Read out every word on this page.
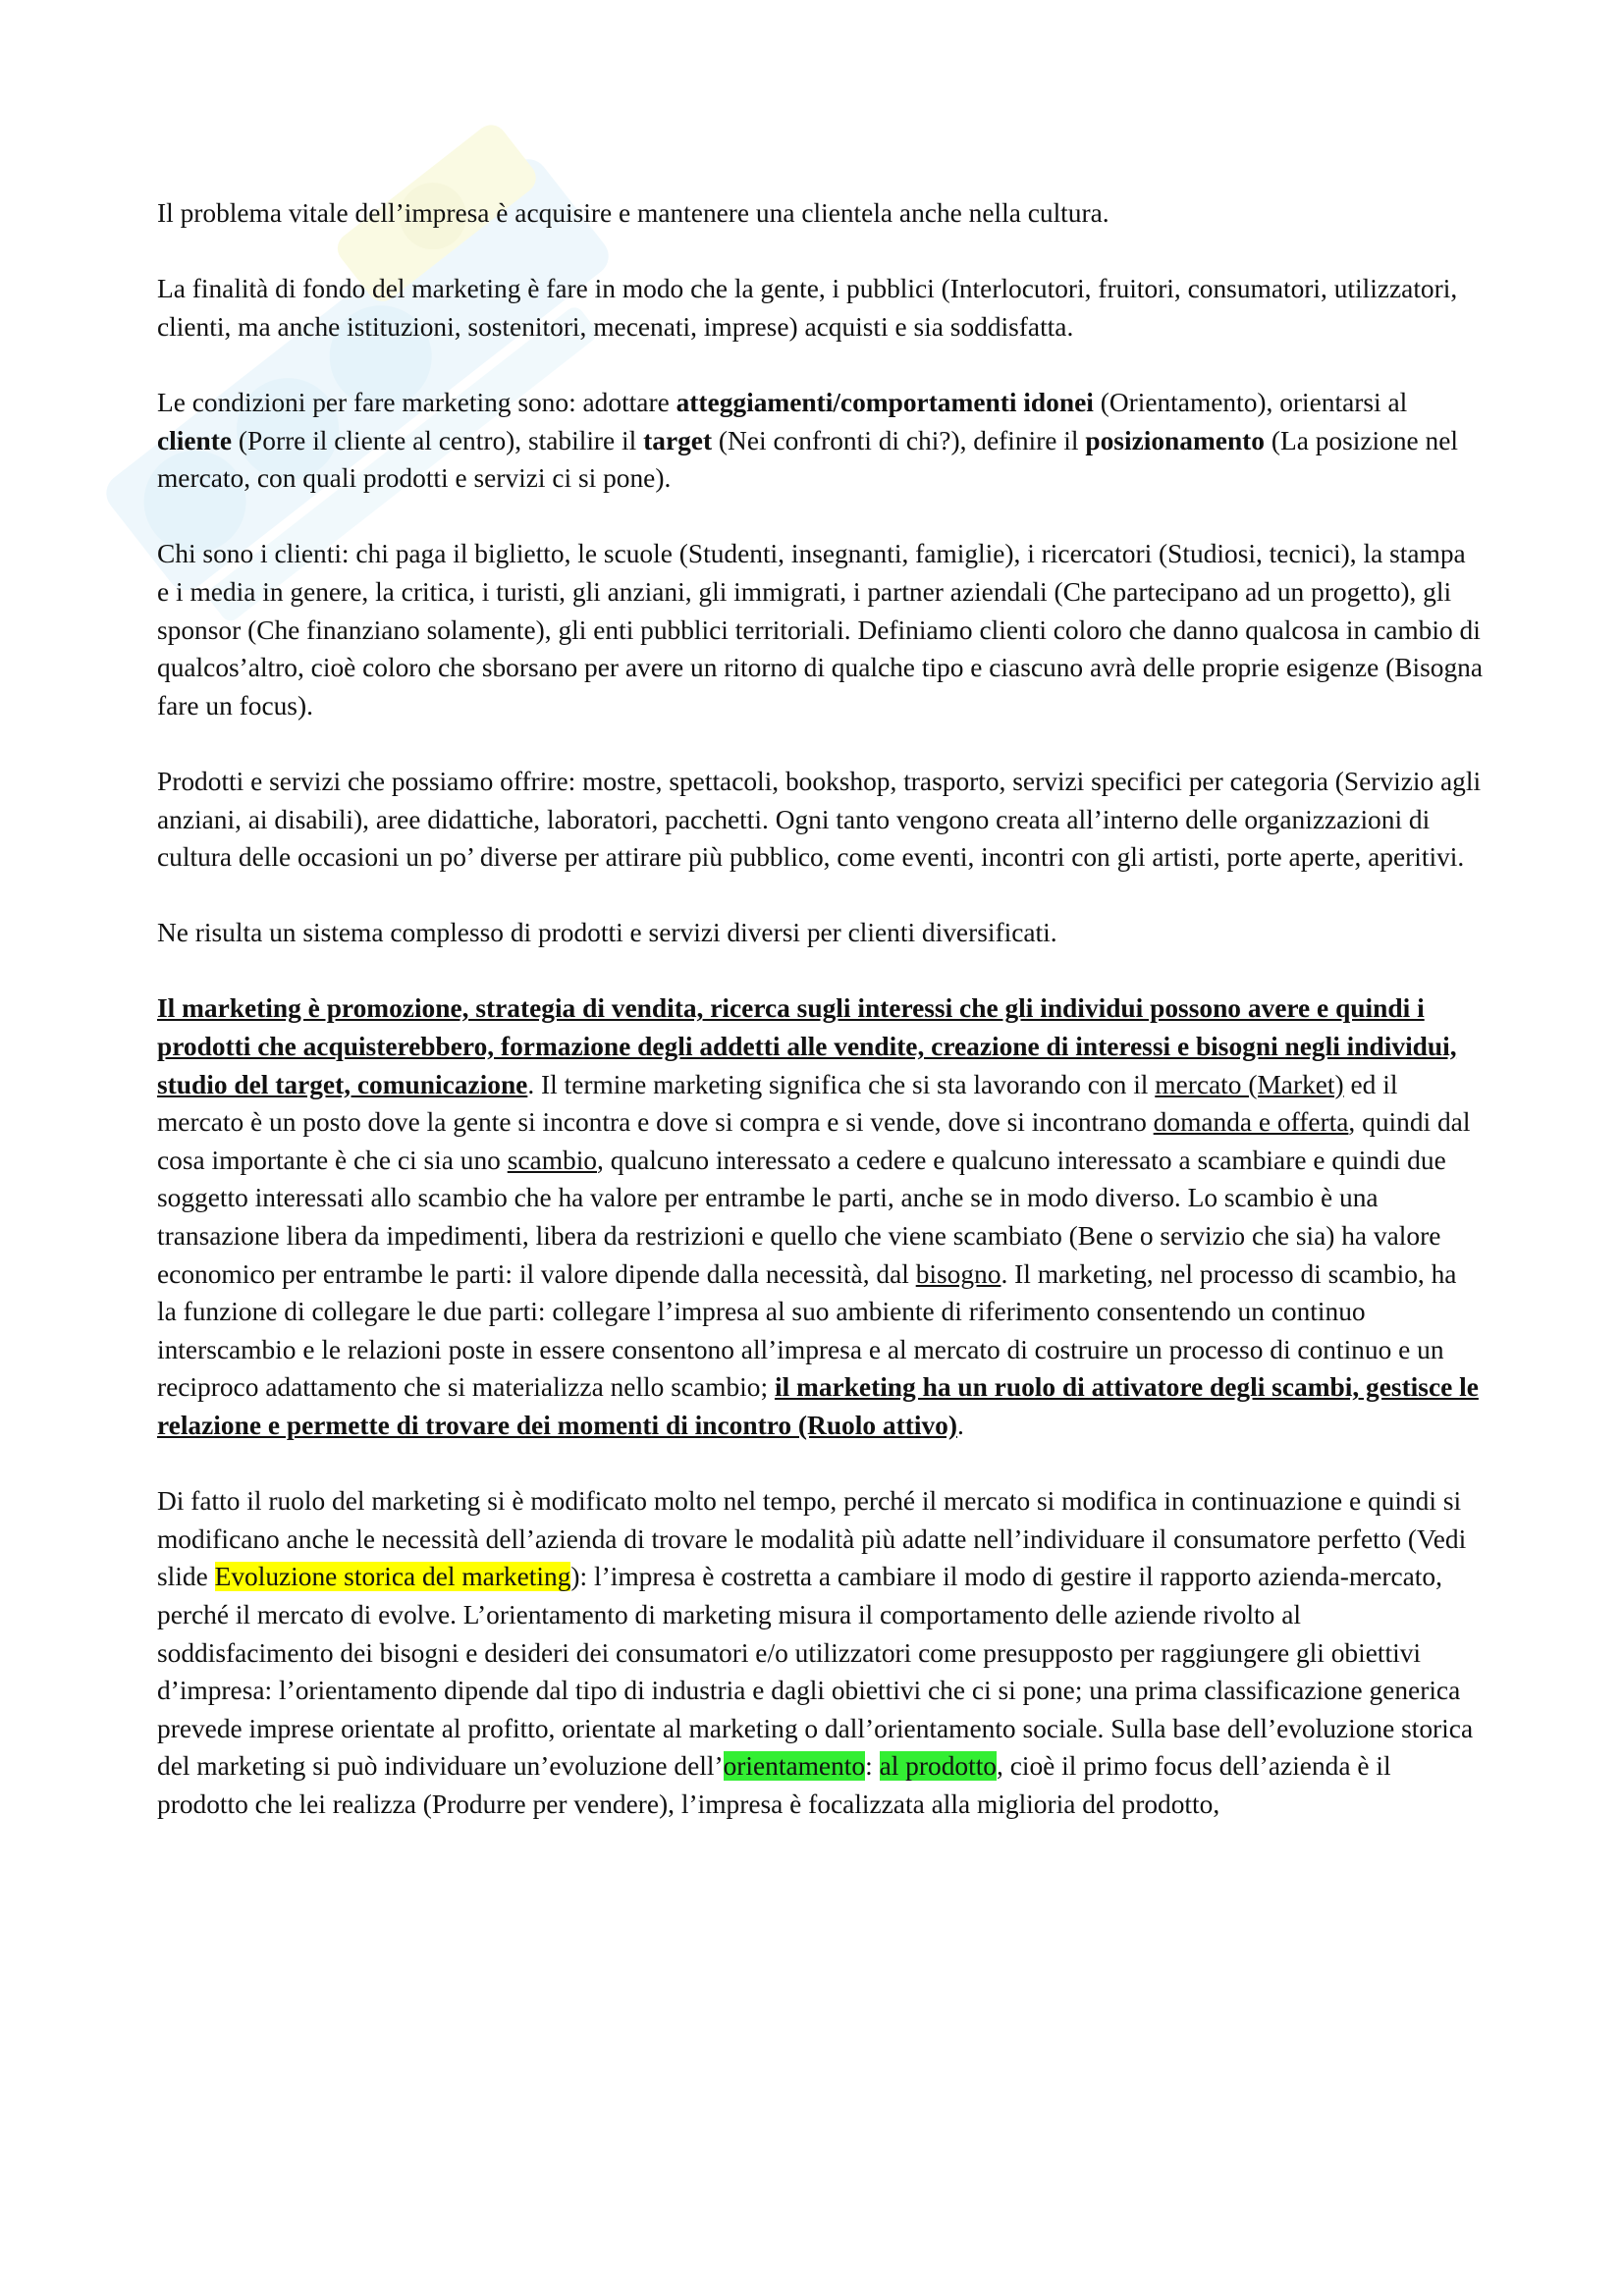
Il problema vitale dell’impresa è acquisire e mantenere una clientela anche nella cultura.

La finalità di fondo del marketing è fare in modo che la gente, i pubblici (Interlocutori, fruitori, consumatori, utilizzatori, clienti, ma anche istituzioni, sostenitori, mecenati, imprese) acquisti e sia soddisfatta.

Le condizioni per fare marketing sono: adottare atteggiamenti/comportamenti idonei (Orientamento), orientarsi al cliente (Porre il cliente al centro), stabilire il target (Nei confronti di chi?), definire il posizionamento (La posizione nel mercato, con quali prodotti e servizi ci si pone).

Chi sono i clienti: chi paga il biglietto, le scuole (Studenti, insegnanti, famiglie), i ricercatori (Studiosi, tecnici), la stampa e i media in genere, la critica, i turisti, gli anziani, gli immigrati, i partner aziendali (Che partecipano ad un progetto), gli sponsor (Che finanziano solamente), gli enti pubblici territoriali. Definiamo clienti coloro che danno qualcosa in cambio di qualcos’altro, cioè coloro che sborsano per avere un ritorno di qualche tipo e ciascuno avrà delle proprie esigenze (Bisogna fare un focus).

Prodotti e servizi che possiamo offrire: mostre, spettacoli, bookshop, trasporto, servizi specifici per categoria (Servizio agli anziani, ai disabili), aree didattiche, laboratori, pacchetti. Ogni tanto vengono creata all’interno delle organizzazioni di cultura delle occasioni un po’ diverse per attirare più pubblico, come eventi, incontri con gli artisti, porte aperte, aperitivi.

Ne risulta un sistema complesso di prodotti e servizi diversi per clienti diversificati.

Il marketing è promozione, strategia di vendita, ricerca sugli interessi che gli individui possono avere e quindi i prodotti che acquisterebbero, formazione degli addetti alle vendite, creazione di interessi e bisogni negli individui, studio del target, comunicazione. Il termine marketing significa che si sta lavorando con il mercato (Market) ed il mercato è un posto dove la gente si incontra e dove si compra e si vende, dove si incontrano domanda e offerta, quindi dal cosa importante è che ci sia uno scambio, qualcuno interessato a cedere e qualcuno interessato a scambiare e quindi due soggetto interessati allo scambio che ha valore per entrambe le parti, anche se in modo diverso. Lo scambio è una transazione libera da impedimenti, libera da restrizioni e quello che viene scambiato (Bene o servizio che sia) ha valore economico per entrambe le parti: il valore dipende dalla necessità, dal bisogno. Il marketing, nel processo di scambio, ha la funzione di collegare le due parti: collegare l’impresa al suo ambiente di riferimento consentendo un continuo interscambio e le relazioni poste in essere consentono all’impresa e al mercato di costruire un processo di continuo e un reciproco adattamento che si materializza nello scambio; il marketing ha un ruolo di attivatore degli scambi, gestisce le relazione e permette di trovare dei momenti di incontro (Ruolo attivo).

Di fatto il ruolo del marketing si è modificato molto nel tempo, perché il mercato si modifica in continuazione e quindi si modificano anche le necessità dell’azienda di trovare le modalità più adatte nell’individuare il consumatore perfetto (Vedi slide Evoluzione storica del marketing): l’impresa è costretta a cambiare il modo di gestire il rapporto azienda-mercato, perché il mercato di evolve. L’orientamento di marketing misura il comportamento delle aziende rivolto al soddisfacimento dei bisogni e desideri dei consumatori e/o utilizzatori come presupposto per raggiungere gli obiettivi d’impresa: l’orientamento dipende dal tipo di industria e dagli obiettivi che ci si pone; una prima classificazione generica prevede imprese orientate al profitto, orientate al marketing o dall’orientamento sociale. Sulla base dell’evoluzione storica del marketing si può individuare un’evoluzione dell’orientamento: al prodotto, cioè il primo focus dell’azienda è il prodotto che lei realizza (Produrre per vendere), l’impresa è focalizzata alla miglioria del prodotto,
